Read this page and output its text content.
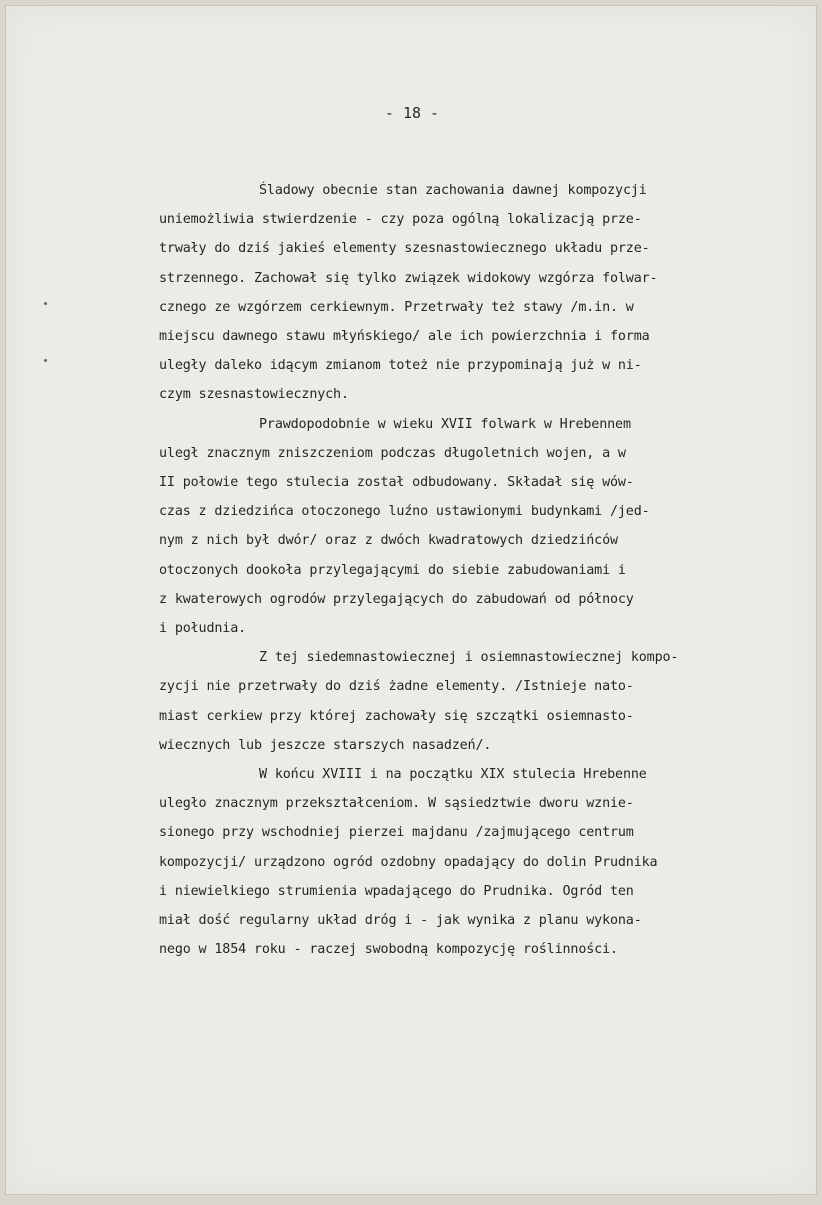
- 18 -
Śladowy obecnie stan zachowania dawnej kompozycji
uniemożliwia stwierdzenie - czy poza ogólną lokalizacją prze-
trwały do dziś jakieś elementy szesnastowiecznego układu prze-
strzennego. Zachował się tylko związek widokowy wzgórza folwar-
cznego ze wzgórzem cerkiewnym. Przetrwały też stawy /m.in. w
miejscu dawnego stawu młyńskiego/ ale ich powierzchnia i forma
uległy daleko idącym zmianom toteż nie przypominają już w ni-
czym szesnastowiecznych.
Prawdopodobnie w wieku XVII folwark w Hrebennem
uległ znacznym zniszczeniom podczas długoletnich wojen, a w
II połowie tego stulecia został odbudowany. Składał się wów-
czas z dziedzińca otoczonego luźno ustawionymi budynkami /jed-
nym z nich był dwór/ oraz z dwóch kwadratowych dziedzińców
otoczonych dookoła przylegającymi do siebie zabudowaniami i
z kwaterowych ogrodów przylegających do zabudowań od północy
i południa.
Z tej siedemnastowiecznej i osiemnastowiecznej kompo-
zycji nie przetrwały do dziś żadne elementy. /Istnieje nato-
miast cerkiew przy której zachowały się szczątki osiemnasto-
wiecznych lub jeszcze starszych nasadzeń/.
W końcu XVIII i na początku XIX stulecia Hrebenne
uległo znacznym przekształceniom. W sąsiedztwie dworu wznie-
sionego przy wschodniej pierzei majdanu /zajmującego centrum
kompozycji/ urządzono ogród ozdobny opadający do dolin Prudnika
i niewielkiego strumienia wpadającego do Prudnika. Ogród ten
miał dość regularny układ dróg i - jak wynika z planu wykona-
nego w 1854 roku - raczej swobodną kompozycję roślinności.
